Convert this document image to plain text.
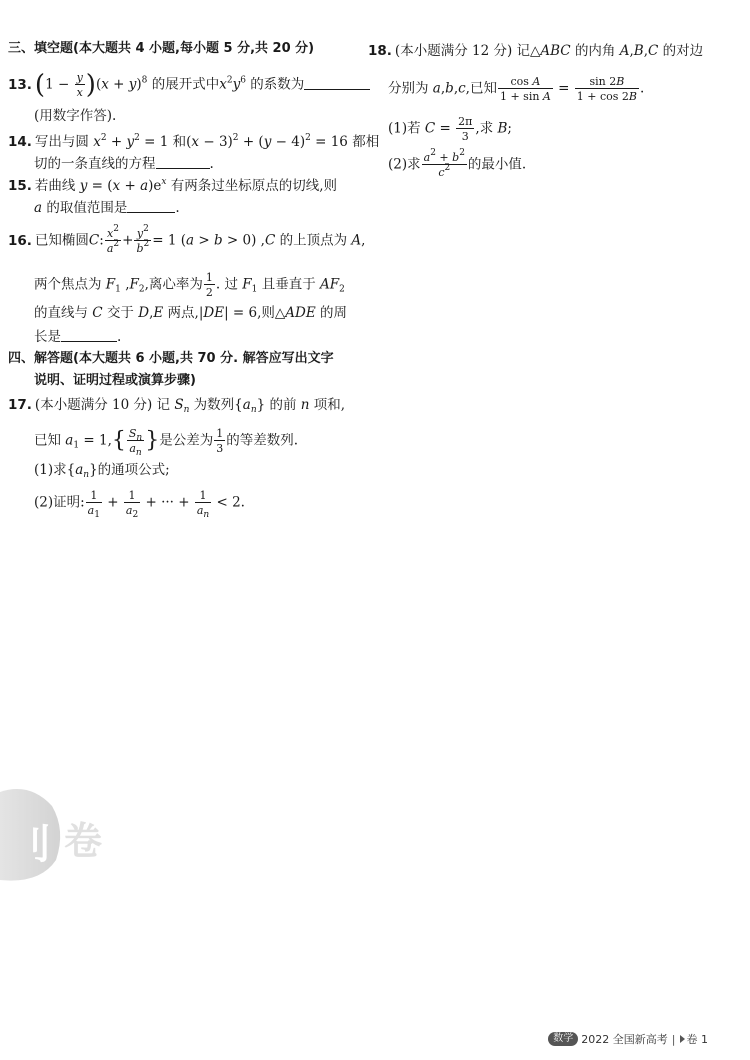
三、填空题(本大题共 4 小题,每小题 5 分,共 20 分)
13. $(1 - \frac{y}{x} )(x + y)^8$ 的展开式中$x^2y^6$ 的系数为
(用数字作答).
14. 写出与圆 $x^2 + y^2 = 1$ 和$(x - 3)^2 + (y - 4)^2 = 16$ 都相
切的一条直线的方程	.
15. 若曲线 $y = (x + a)e^x$ 有两条过坐标原点的切线,则
a 的取值范围是	.
16. 已知椭圆C: $\frac{x^2}{a^2} + \frac{y^2}{b^2} = 1$ (a > b > 0) ,C 的上顶点为 A,
两个焦点为 $F_1$ $,F_2$,离心率为 $\frac{1}{2}$ . 过 $F_1$ 且垂直于 $AF_2$
的直线与 C 交于 D,E 两点,|DE| = 6,则△ADE 的周
长是	.
四、解答题(本大题共 6 小题,共 70 分. 解答应写出文字
说明、证明过程或演算步骤)
17. (本小题满分 10 分) 记 $S_n$ 为数列$\{a_n\}$ 的前 n 项和,
已知 $a_1 = 1,\{ \frac{S_n}{a_n}$ }是公差为 $\frac{1}{3}$ 的等差数列.
(1)求$\{a_n\}$的通项公式;
(2)证明: $\frac{1}{a_1} + \frac{1}{a_2}$ + ··· + $\frac{1}{a_n} < 2$.
18. (本小题满分 12 分) 记△ABC 的内角 A,B,C 的对边
分别为 a,b,c,已知 $\frac{\text{cos A}}{\text{1 + sin A}} = \frac{\sin 2B}{1 + \cos 2B}$ .
(1)若 $C = \frac{2\pi}{3}$ ,求 B;
(2)求 $\frac{a^2 + b^2}{c^2}$ 的最小值.
刂 卷
数学 2022 全国新高考 | 卷 1
